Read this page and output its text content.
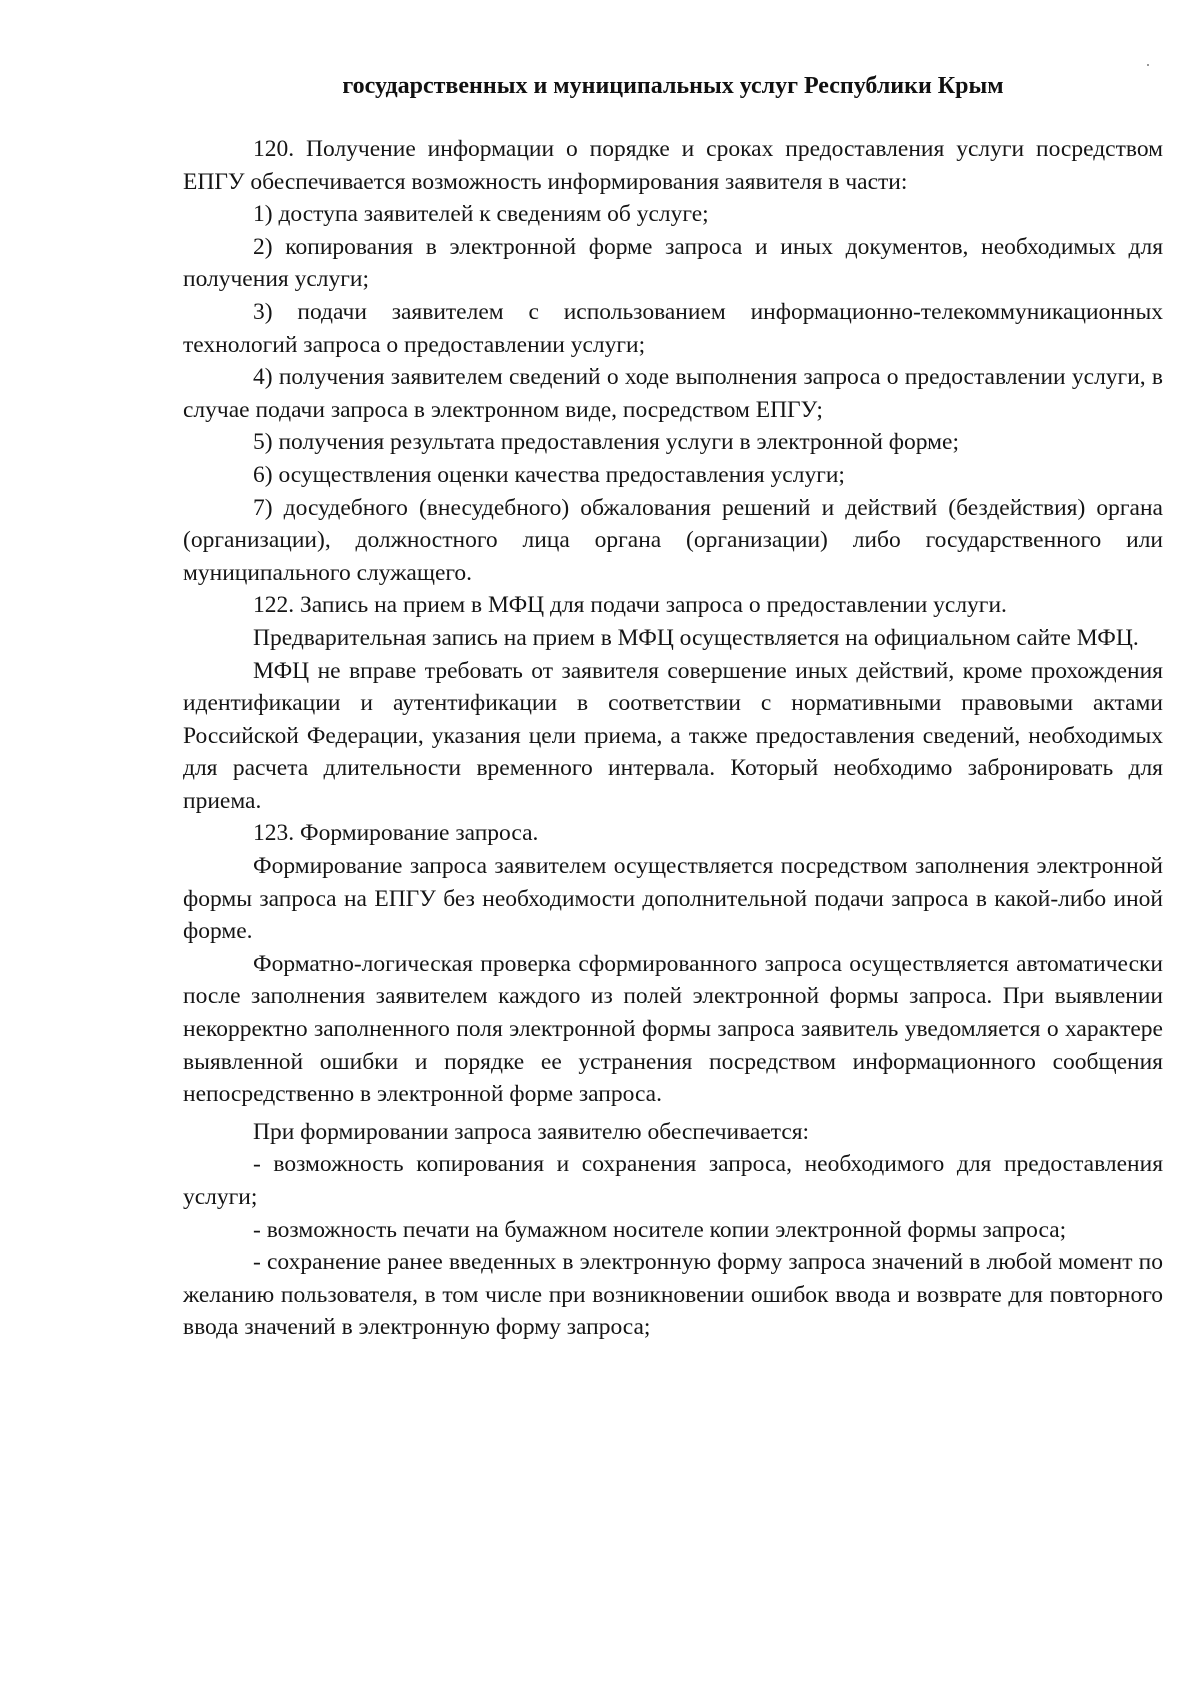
государственных и муниципальных услуг Республики Крым

120. Получение информации о порядке и сроках предоставления услуги посредством ЕПГУ обеспечивается возможность информирования заявителя в части:

1) доступа заявителей к сведениям об услуге;

2) копирования в электронной форме запроса и иных документов, необходимых для получения услуги;

3) подачи заявителем с использованием информационно-телекоммуникационных технологий запроса о предоставлении услуги;

4) получения заявителем сведений о ходе выполнения запроса о предоставлении услуги, в случае подачи запроса в электронном виде, посредством ЕПГУ;

5) получения результата предоставления услуги в электронной форме;

6) осуществления оценки качества предоставления услуги;

7) досудебного (внесудебного) обжалования решений и действий (бездействия) органа (организации), должностного лица органа (организации) либо государственного или муниципального служащего.

122. Запись на прием в МФЦ для подачи запроса о предоставлении услуги.

Предварительная запись на прием в МФЦ осуществляется на официальном сайте МФЦ.

МФЦ не вправе требовать от заявителя совершение иных действий, кроме прохождения идентификации и аутентификации в соответствии с нормативными правовыми актами Российской Федерации, указания цели приема, а также предоставления сведений, необходимых для расчета длительности временного интервала. Который необходимо забронировать для приема.

123. Формирование запроса.

Формирование запроса заявителем осуществляется посредством заполнения электронной формы запроса на ЕПГУ без необходимости дополнительной подачи запроса в какой-либо иной форме.

Форматно-логическая проверка сформированного запроса осуществляется автоматически после заполнения заявителем каждого из полей электронной формы запроса. При выявлении некорректно заполненного поля электронной формы запроса заявитель уведомляется о характере выявленной ошибки и порядке ее устранения посредством информационного сообщения непосредственно в электронной форме запроса.

При формировании запроса заявителю обеспечивается:

- возможность копирования и сохранения запроса, необходимого для предоставления услуги;

- возможность печати на бумажном носителе копии электронной формы запроса;

- сохранение ранее введенных в электронную форму запроса значений в любой момент по желанию пользователя, в том числе при возникновении ошибок ввода и возврате для повторного ввода значений в электронную форму запроса;
